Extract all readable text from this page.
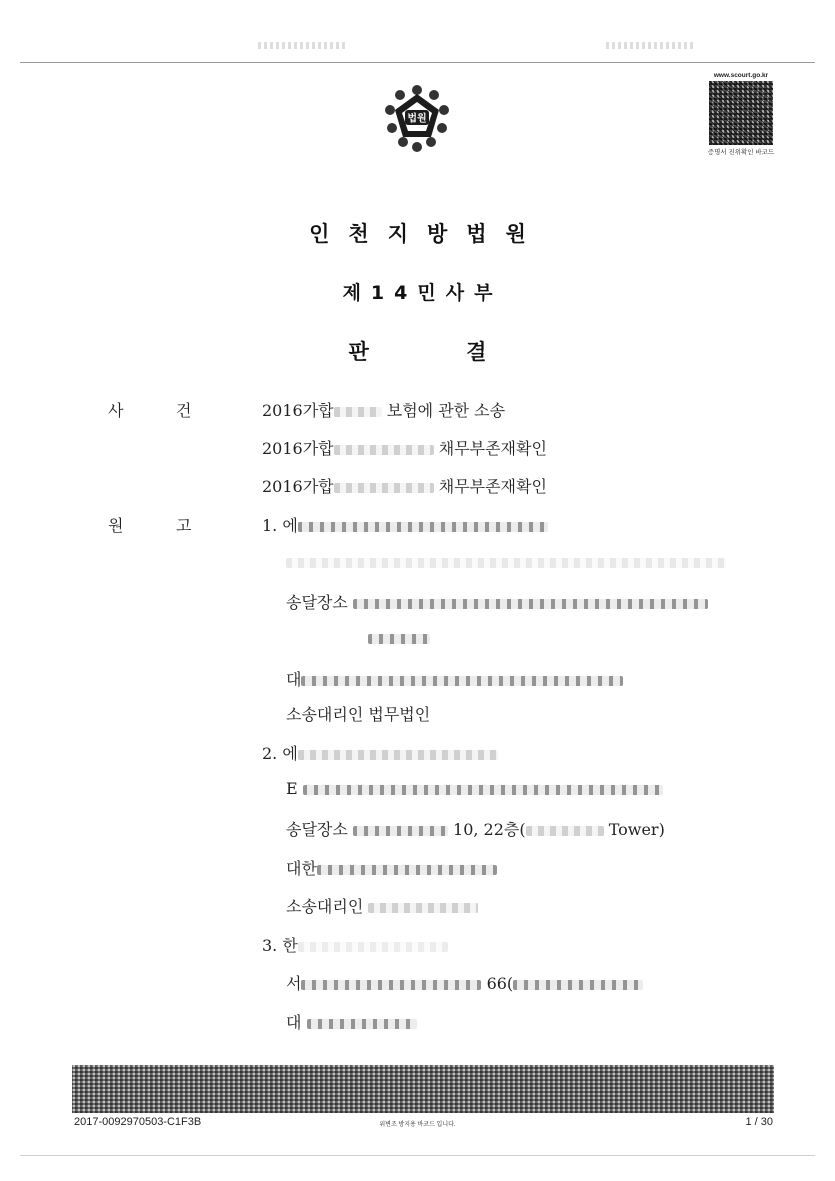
법원
www.scourt.go.kr
증명서 진위확인 바코드
인천지방법원
제14민사부
판 결
사	건	2016가합	보험에 관한 소송
2016가합	채무부존재확인
2016가합	채무부존재확인
원	고	1. 에
송달장소
대
소송대리인 법무법인
2. 에
E
송달장소	10, 22층(	Tower)
대한
소송대리인
3. 한
서	66(
대
2017-0092970503-C1F3B	위변조 방지용 바코드 입니다.	1 / 30
